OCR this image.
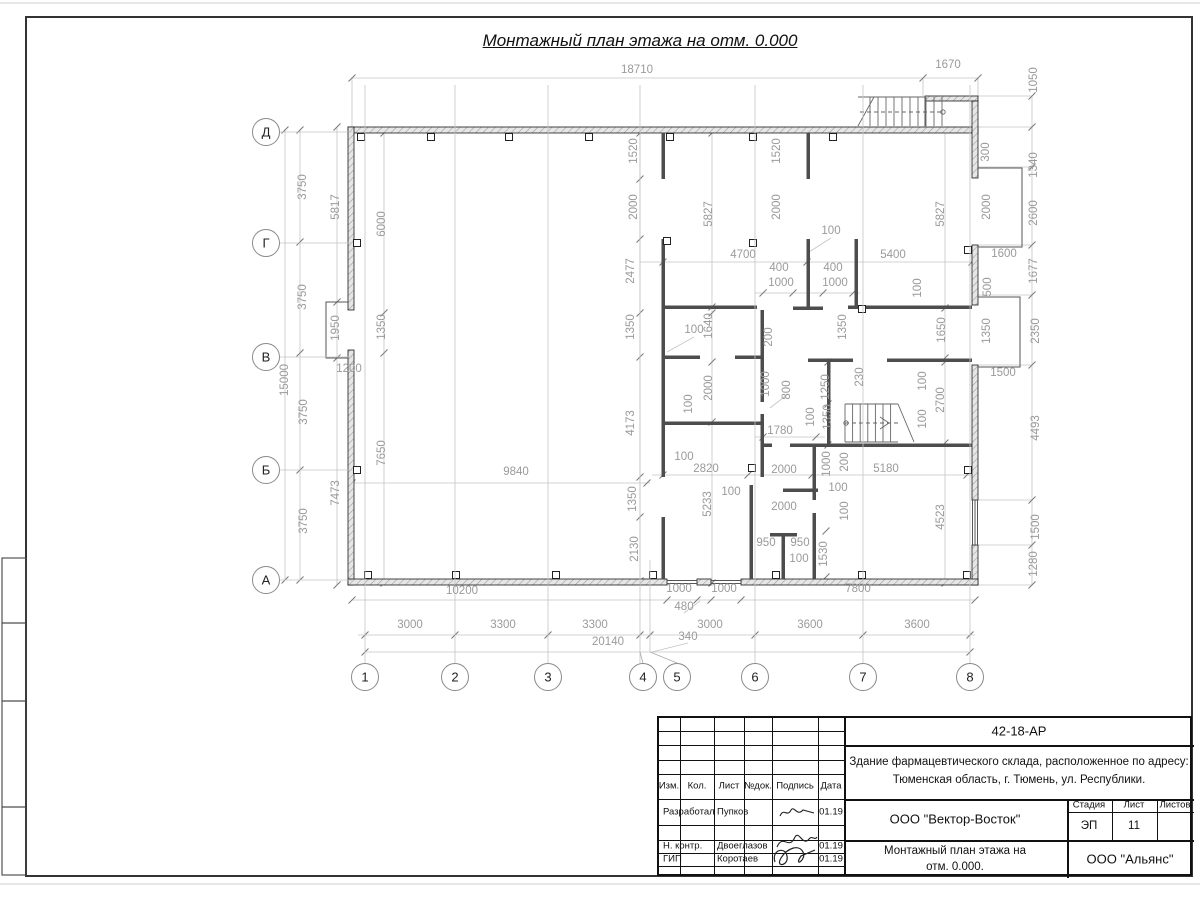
1	2	3	4 5	6	7	8
Д
Г
В
Б
А
18710	1670
4700	5400
400
1000
400
1000
100
1600
100
1780
100
2820	2000	5180
100
100
2000
950 950
100
1500
1200
9840
10200	1000 1000
480
340
7800
3000	3300	3300	3000	3600	3600
20140
1050
1340
2600
1677
2350
4493
1500
1280
300
2000
500
100
5817
1950
7473
3750
3750
3750
3750
15000
6000
1350
7650
1520
2000
2477
1520
2000
5827	5827
1350	1640	200
1000 800
2000
100
4173
1250
1350	1650	1350
230	100
100
2700
1350
100
4523
1530
5233
2130
1350
1000 200
100
Монтажный план этажа на отм. 0.000
Изм. Кол. Лист №док. Подпись Дата
Разработал Пупков	01.19
Н. контр. Двоеглазов	01.19
ГИП	Коротаев	01.19
42-18-АР
Здание фармацевтического склада, расположенное по адресу:
Тюменская область, г. Тюмень, ул. Республики.
ООО "Вектор-Восток"
Стадия Лист Листов
ЭП	11
Монтажный план этажа на
отм. 0.000.
ООО "Альянс"
